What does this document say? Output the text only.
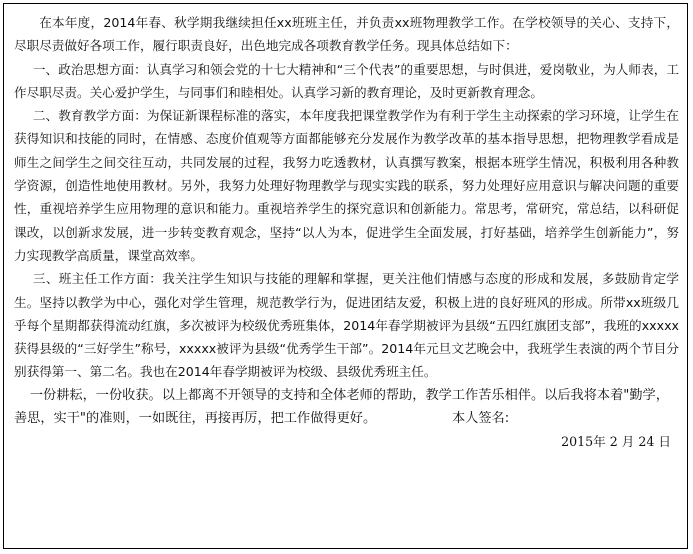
在本年度，2014年春、秋学期我继续担任xx班班主任，并负责xx班物理教学工作。在学校领导的关心、支持下，尽职尽责做好各项工作，履行职责良好，出色地完成各项教育教学任务。现具体总结如下：

一、政治思想方面：认真学习和领会党的十七大精神和“三个代表”的重要思想，与时俱进，爱岗敬业，为人师表，工作尽职尽责。关心爱护学生，与同事们和睦相处。认真学习新的教育理论，及时更新教育理念。

二、教育教学方面：为保证新课程标准的落实，本年度我把课堂教学作为有利于学生主动探索的学习环境，让学生在获得知识和技能的同时，在情感、态度价值观等方面都能够充分发展作为教学改革的基本指导思想，把物理教学看成是师生之间学生之间交往互动，共同发展的过程，我努力吃透教材，认真撰写教案，根据本班学生情况，积极利用各种教学资源，创造性地使用教材。另外，我努力处理好物理教学与现实实践的联系，努力处理好应用意识与解决问题的重要性，重视培养学生应用物理的意识和能力。重视培养学生的探究意识和创新能力。常思考，常研究，常总结，以科研促课改，以创新求发展，进一步转变教育观念，坚持“以人为本，促进学生全面发展，打好基础，培养学生创新能力”，努力实现教学高质量，课堂高效率。

三、班主任工作方面：我关注学生知识与技能的理解和掌握，更关注他们情感与态度的形成和发展，多鼓励肯定学生。坚持以教学为中心，强化对学生管理，规范教学行为，促进团结友爱，积极上进的良好班风的形成。所带xx班级几乎每个星期都获得流动红旗，多次被评为校级优秀班集体，2014年春学期被评为县级“五四红旗团支部”，我班的xxxxx获得县级的“三好学生”称号，xxxxx被评为县级“优秀学生干部”。2014年元旦文艺晚会中，我班学生表演的两个节目分别获得第一、第二名。我也在2014年春学期被评为校级、县级优秀班主任。

一份耕耘，一份收获。以上都离不开领导的支持和全体老师的帮助，教学工作苦乐相伴。以后我将本着"勤学，善思，实干"的准则，一如既往，再接再厉，把工作做得更好。	本人签名:

2015年 2 月 24 日
